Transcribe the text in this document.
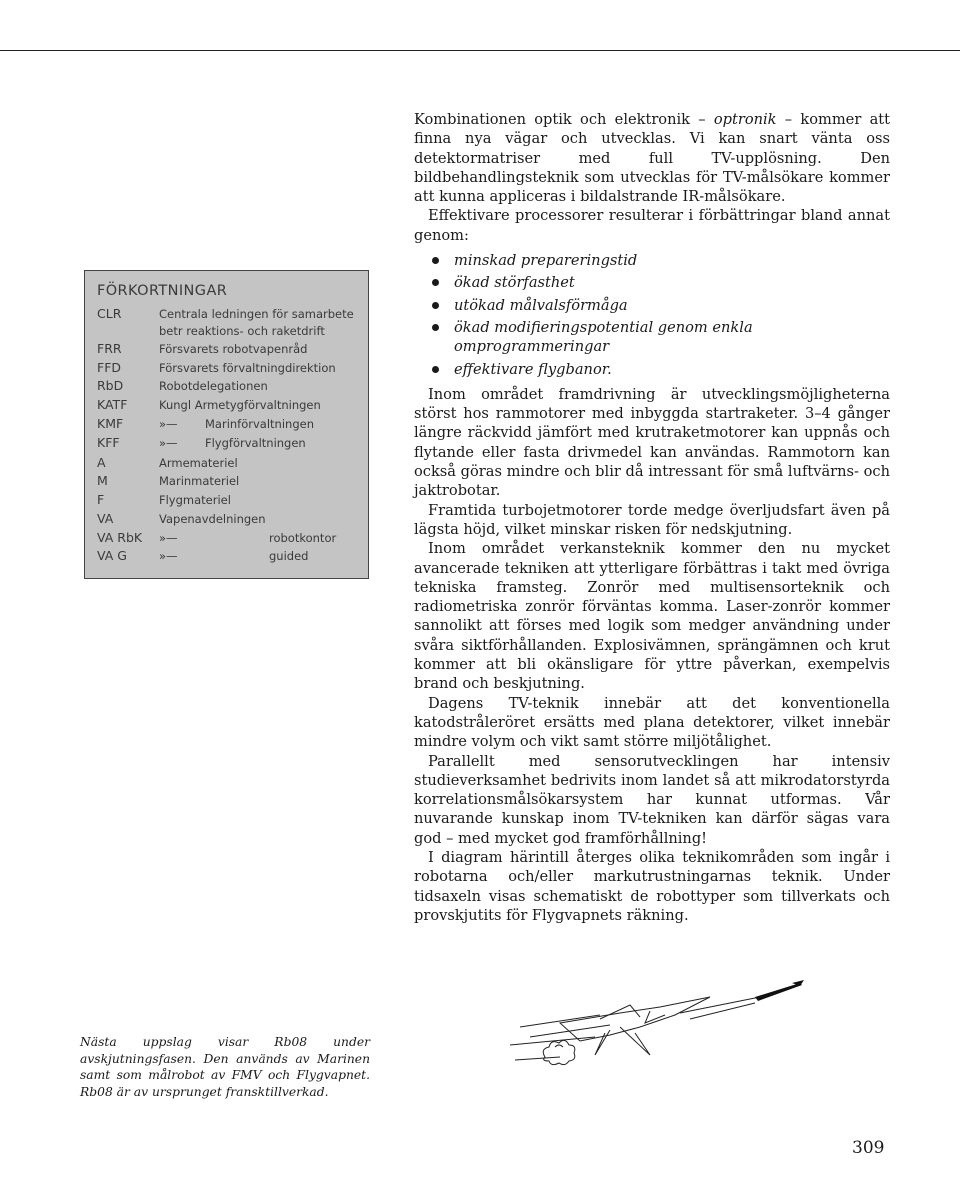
FÖRKORTNINGAR
CLR	Centrala ledningen för samarbete
betr reaktions- och raketdrift
FRR	Försvarets robotvapenråd
FFD	Försvarets förvaltningdirektion
RbD	Robotdelegationen
KATF	Kungl Armetygförvaltningen
KMF	»— Marinförvaltningen
KFF	»— Flygförvaltningen
A	Armemateriel
M	Marinmateriel
F	Flygmateriel
VA	Vapenavdelningen
VA RbK »—	robotkontor
VA G	»—	guided

Kombinationen optik och elektronik – optronik – kommer att finna nya vägar och utvecklas. Vi kan snart vänta oss detektormatriser med full TV-upplösning. Den bildbehandlingsteknik som utvecklas för TV-målsökare kommer att kunna appliceras i bildalstrande IR-målsökare.

Effektivare processorer resulterar i förbättringar bland annat genom:

minskad prepareringstid
ökad störfasthet
utökad målvalsförmåga
ökad modifieringspotential genom enkla omprogrammeringar
effektivare flygbanor.

Inom området framdrivning är utvecklingsmöjligheterna störst hos rammotorer med inbyggda startraketer. 3–4 gånger längre räckvidd jämfört med krutraketmotorer kan uppnås och flytande eller fasta drivmedel kan användas. Rammotorn kan också göras mindre och blir då intressant för små luftvärns- och jaktrobotar.

Framtida turbojetmotorer torde medge överljudsfart även på lägsta höjd, vilket minskar risken för nedskjutning.

Inom området verkansteknik kommer den nu mycket avancerade tekniken att ytterligare förbättras i takt med övriga tekniska framsteg. Zonrör med multisensorteknik och radiometriska zonrör förväntas komma. Laser-zonrör kommer sannolikt att förses med logik som medger användning under svåra siktförhållanden. Explosivämnen, sprängämnen och krut kommer att bli okänsligare för yttre påverkan, exempelvis brand och beskjutning.

Dagens TV-teknik innebär att det konventionella katodstråleröret ersätts med plana detektorer, vilket innebär mindre volym och vikt samt större miljötålighet.

Parallellt med sensorutvecklingen har intensiv studieverksamhet bedrivits inom landet så att mikrodatorstyrda korrelationsmålsökarsystem har kunnat utformas. Vår nuvarande kunskap inom TV-tekniken kan därför sägas vara god – med mycket god framförhållning!

I diagram härintill återges olika teknikområden som ingår i robotarna och/eller markutrustningarnas teknik. Under tidsaxeln visas schematiskt de robottyper som tillverkats och provskjutits för Flygvapnets räkning.

Nästa uppslag visar Rb08 under avskjutningsfasen. Den används av Marinen samt som målrobot av FMV och Flygvapnet. Rb08 är av ursprunget fransktillverkad.
309
